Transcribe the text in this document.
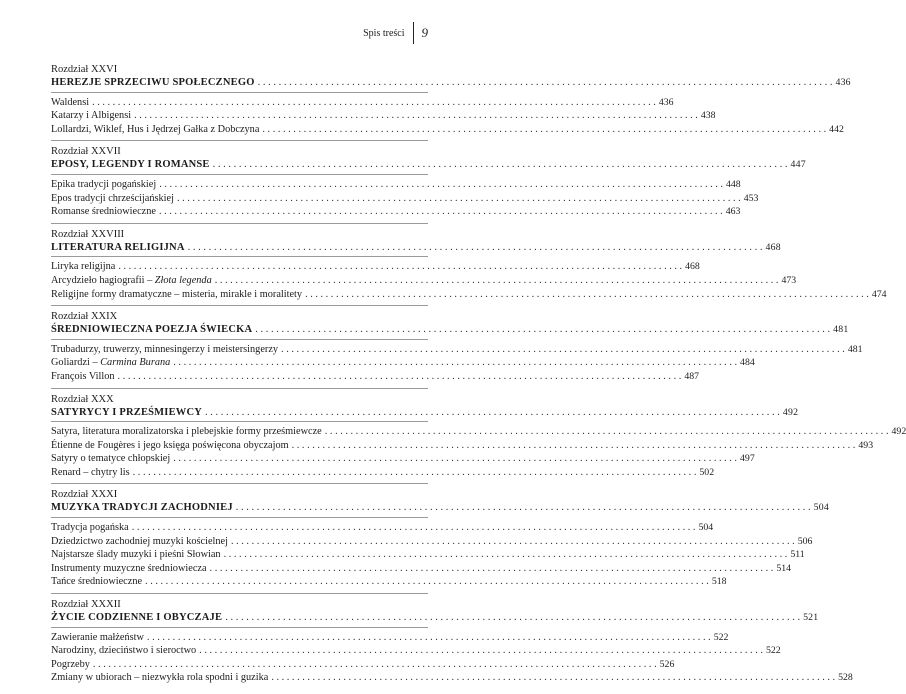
Spis treści 9
Rozdział XXVI
HEREZJE SPRZECIWU SPOŁECZNEGO . . .	436
Waldensi . . .	436
Katarzy i Albigensi . . .	438
Lollardzi, Wiklef, Hus i Jędrzej Gałka z Dobczyna . . .	442
Rozdział XXVII
EPOSY, LEGENDY I ROMANSE . . .	447
Epika tradycji pogańskiej . . .	448
Epos tradycji chrześcijańskiej . . .	453
Romanse średniowieczne . . .	463
Rozdział XXVIII
LITERATURA RELIGIJNA . . .	468
Liryka religijna . . .	468
Arcydzieło hagiografii – Złota legenda . . .	473
Religijne formy dramatyczne – misteria, mirakle i moralitety . . .	474
Rozdział XXIX
ŚREDNIOWIECZNA POEZJA ŚWIECKA . . .	481
Trubadurzy, truwerzy, minnesingerzy i meistersingerzy . . .	481
Goliardzi – Carmina Burana . . .	484
François Villon . . .	487
Rozdział XXX
SATYRYCY I PRZEŚMIEWCY . . .	492
Satyra, literatura moralizatorska i plebejskie formy prześmiewcze . . .	492
Étienne de Fougères i jego księga poświęcona obyczajom . . .	493
Satyry o tematyce chłopskiej . . .	497
Renard – chytry lis . . .	502
Rozdział XXXI
MUZYKA TRADYCJI ZACHODNIEJ . . .	504
Tradycja pogańska . . .	504
Dziedzictwo zachodniej muzyki kościelnej . . .	506
Najstarsze ślady muzyki i pieśni Słowian . . .	511
Instrumenty muzyczne średniowiecza . . .	514
Tańce średniowieczne . . .	518
Rozdział XXXII
ŻYCIE CODZIENNE I OBYCZAJE . . .	521
Zawieranie małżeństw . . .	522
Narodziny, dzieciństwo i sieroctwo . . .	522
Pogrzeby . . .	526
Zmiany w ubiorach – niezwykła rola spodni i guzika . . .	528
